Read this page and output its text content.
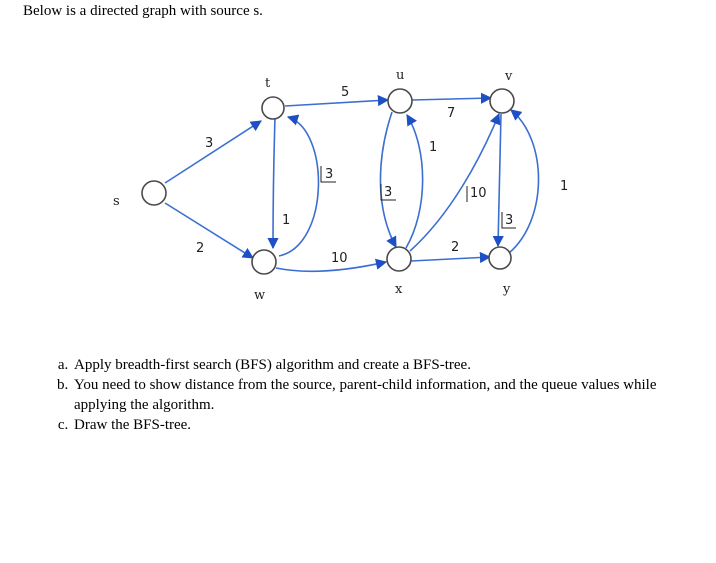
Below is a directed graph with source s.

s
t
u	v
w	x	y
3
2
5
1
3
10
7
3
1
10
2
3
1
a. Apply breadth-first search (BFS) algorithm and create a BFS-tree.
b. You need to show distance from the source, parent-child information, and the queue values while applying the algorithm.
c. Draw the BFS-tree.
